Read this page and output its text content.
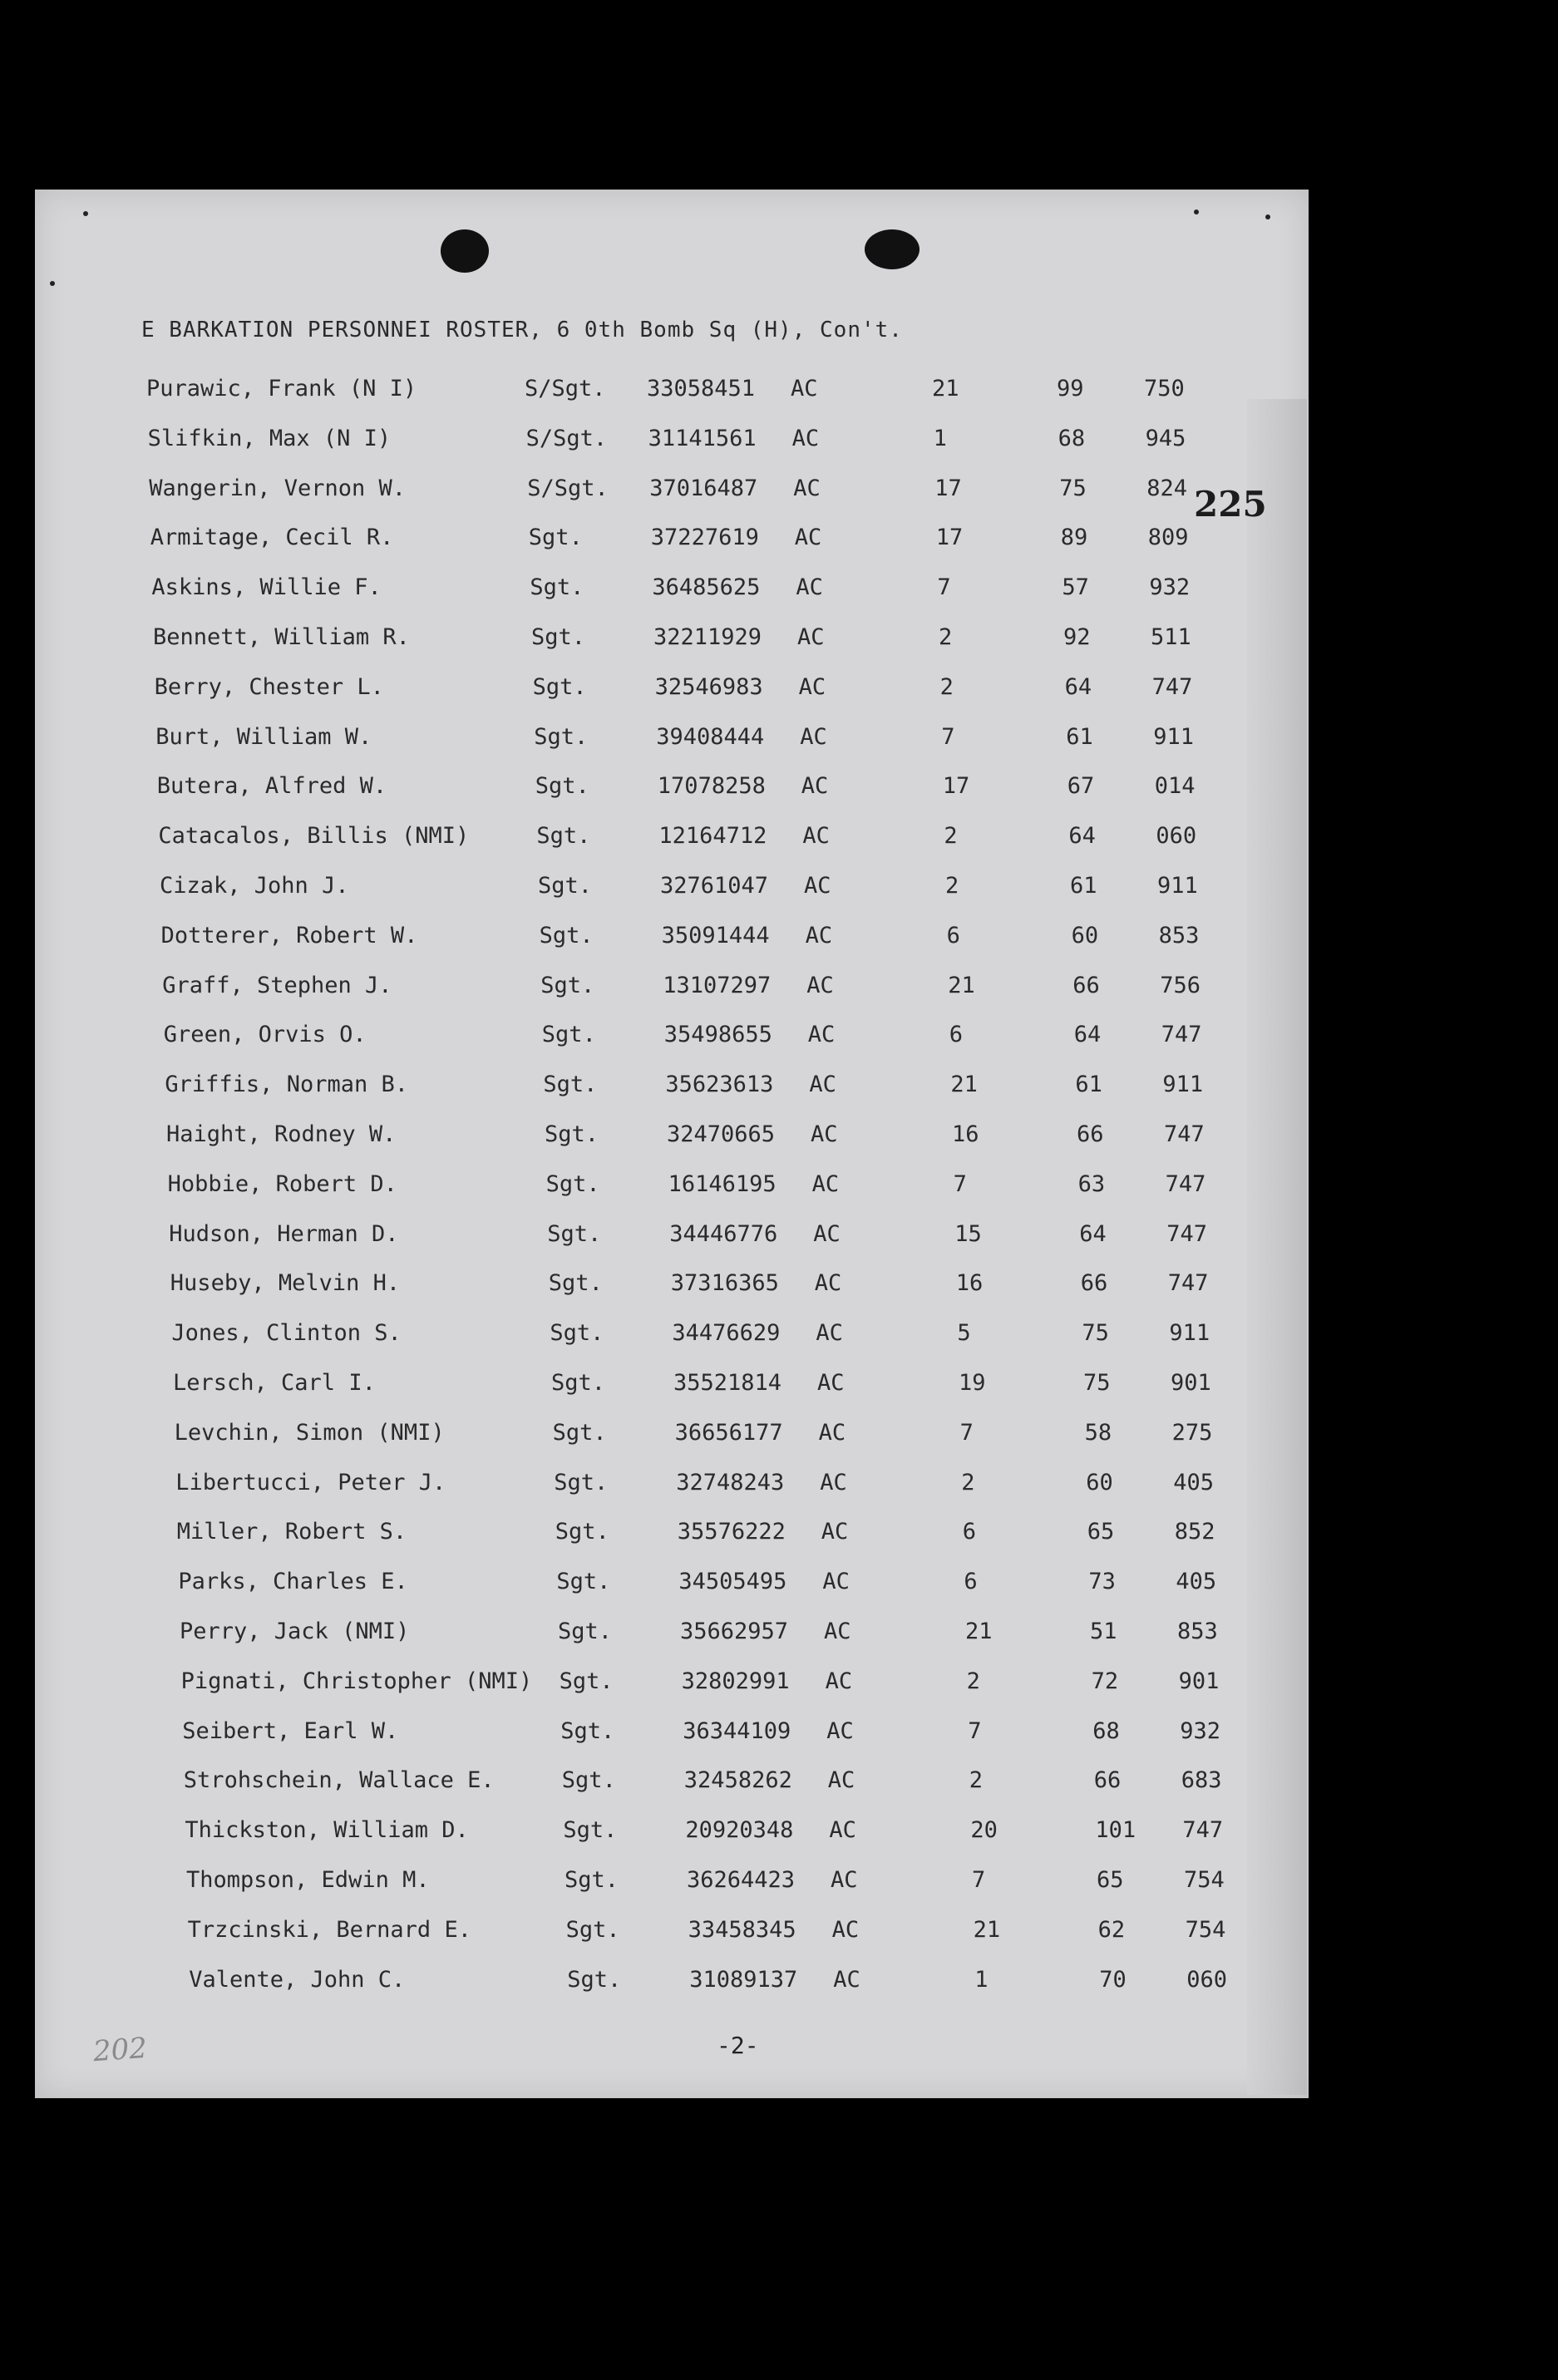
E BARKATION PERSONNEI ROSTER, 6 0th Bomb Sq (H), Con't.
225
Purawic, Frank (N I)	S/Sgt. 33058451 AC	21	99	750
Slifkin, Max (N I)	S/Sgt. 31141561 AC	1	68	945
Wangerin, Vernon W.	S/Sgt. 37016487 AC	17	75	824
Armitage, Cecil R.	Sgt.	37227619 AC	17	89	809
Askins, Willie F.	Sgt.	36485625 AC	7	57	932
Bennett, William R.	Sgt.	32211929 AC	2	92	511
Berry, Chester L.	Sgt.	32546983 AC	2	64	747
Burt, William W.	Sgt.	39408444 AC	7	61	911
Butera, Alfred W.	Sgt.	17078258 AC	17	67	014
Catacalos, Billis (NMI)	Sgt.	12164712 AC	2	64	060
Cizak, John J.	Sgt.	32761047 AC	2	61	911
Dotterer, Robert W.	Sgt.	35091444 AC	6	60	853
Graff, Stephen J.	Sgt.	13107297 AC	21	66	756
Green, Orvis O.	Sgt.	35498655 AC	6	64	747
Griffis, Norman B.	Sgt.	35623613 AC	21	61	911
Haight, Rodney W.	Sgt.	32470665 AC	16	66	747
Hobbie, Robert D.	Sgt.	16146195 AC	7	63	747
Hudson, Herman D.	Sgt.	34446776 AC	15	64	747
Huseby, Melvin H.	Sgt.	37316365 AC	16	66	747
Jones, Clinton S.	Sgt.	34476629 AC	5	75	911
Lersch, Carl I.	Sgt.	35521814 AC	19	75	901
Levchin, Simon (NMI)	Sgt.	36656177 AC	7	58	275
Libertucci, Peter J.	Sgt.	32748243 AC	2	60	405
Miller, Robert S.	Sgt.	35576222 AC	6	65	852
Parks, Charles E.	Sgt.	34505495 AC	6	73	405
Perry, Jack (NMI)	Sgt.	35662957 AC	21	51	853
Pignati, Christopher (NMI) Sgt.	32802991 AC	2	72	901
Seibert, Earl W.	Sgt.	36344109 AC	7	68	932
Strohschein, Wallace E.	Sgt.	32458262 AC	2	66	683
Thickston, William D.	Sgt.	20920348 AC	20	101	747
Thompson, Edwin M.	Sgt.	36264423 AC	7	65	754
Trzcinski, Bernard E.	Sgt.	33458345 AC	21	62	754
Valente, John C.	Sgt.	31089137 AC	1	70	060
-2-
202
